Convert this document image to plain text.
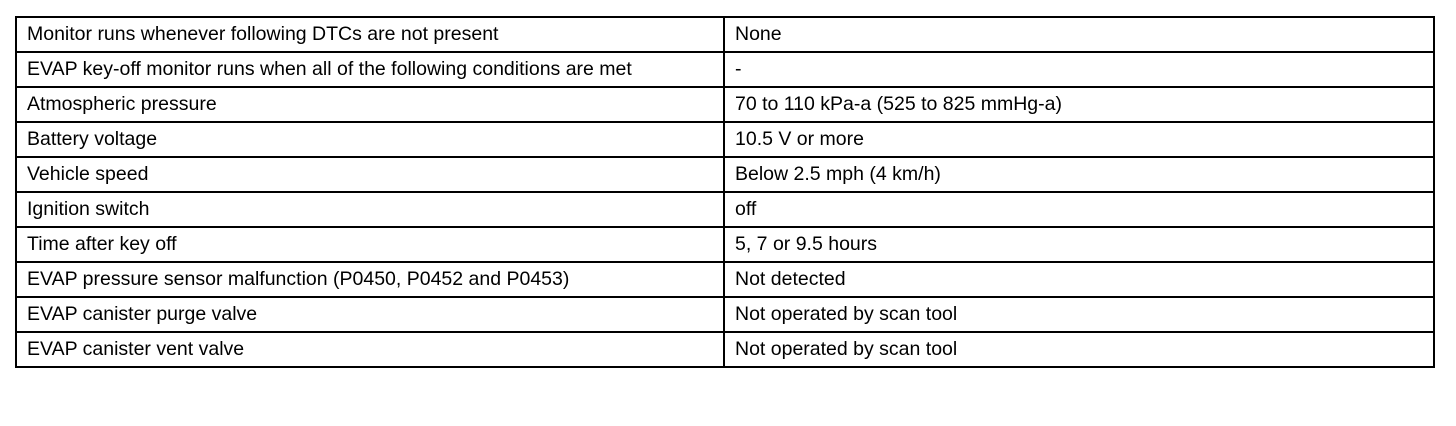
Monitor runs whenever following DTCs are not present	None
EVAP key-off monitor runs when all of the following conditions are met	-
Atmospheric pressure	70 to 110 kPa-a (525 to 825 mmHg-a)
Battery voltage	10.5 V or more
Vehicle speed	Below 2.5 mph (4 km/h)
Ignition switch	off
Time after key off	5, 7 or 9.5 hours
EVAP pressure sensor malfunction (P0450, P0452 and P0453)	Not detected
EVAP canister purge valve	Not operated by scan tool
EVAP canister vent valve	Not operated by scan tool
